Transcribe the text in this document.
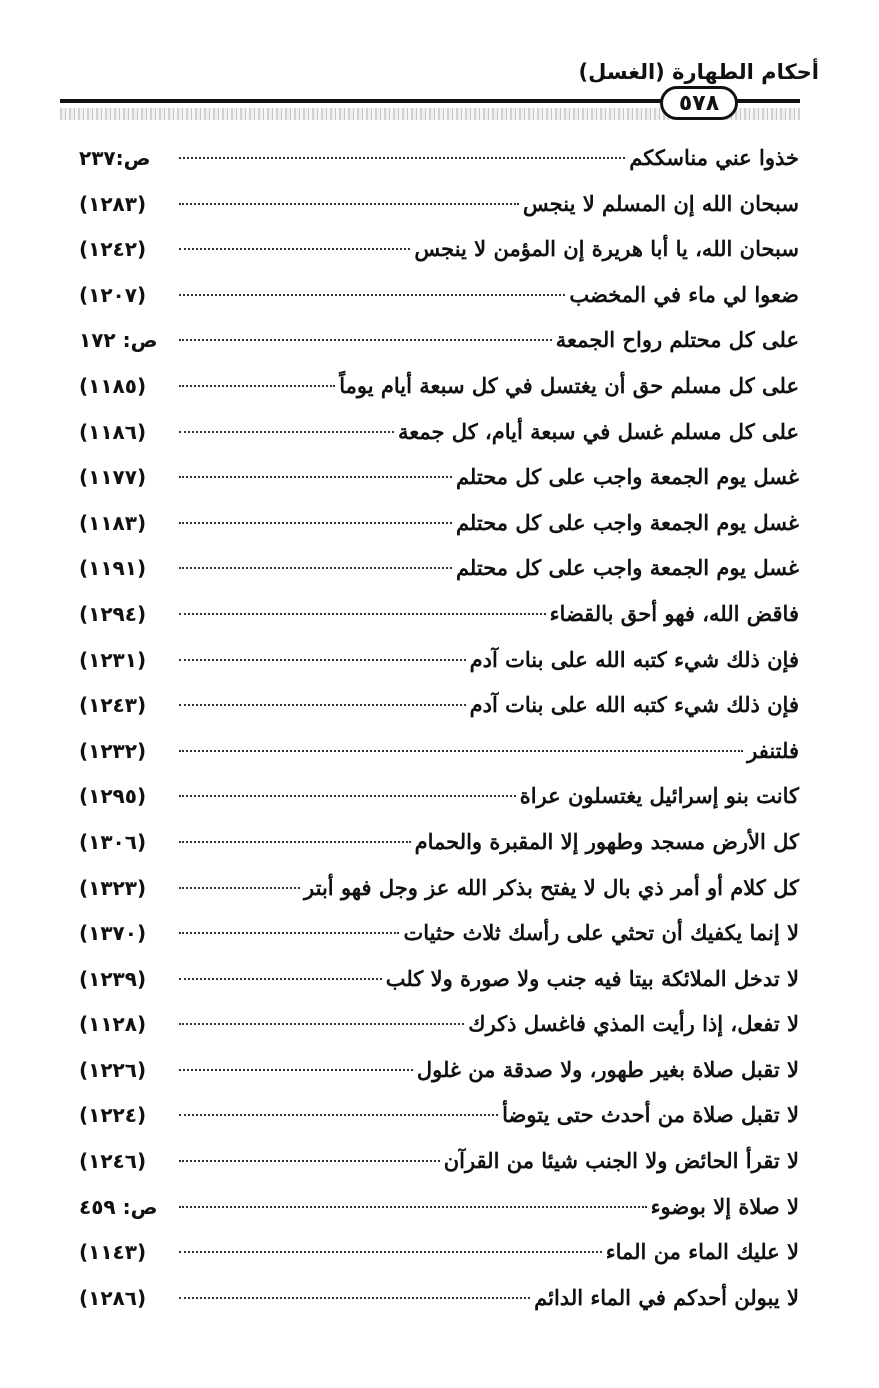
أحكام الطهارة (الغسل)
٥٧٨
خذوا عني مناسككم
ص:٢٣٧
سبحان الله إن المسلم لا ينجس
(١٢٨٣)
سبحان الله، يا أبا هريرة إن المؤمن لا ينجس
(١٢٤٢)
ضعوا لي ماء في المخضب
(١٢٠٧)
على كل محتلم رواح الجمعة
ص: ١٧٢
على كل مسلم حق أن يغتسل في كل سبعة أيام يوماً
(١١٨٥)
على كل مسلم غسل في سبعة أيام، كل جمعة
(١١٨٦)
غسل يوم الجمعة واجب على كل محتلم
(١١٧٧)
غسل يوم الجمعة واجب على كل محتلم
(١١٨٣)
غسل يوم الجمعة واجب على كل محتلم
(١١٩١)
فاقض الله، فهو أحق بالقضاء
(١٢٩٤)
فإن ذلك شيء كتبه الله على بنات آدم
(١٢٣١)
فإن ذلك شيء كتبه الله على بنات آدم
(١٢٤٣)
فلتنفر
(١٢٣٢)
كانت بنو إسرائيل يغتسلون عراة
(١٢٩٥)
كل الأرض مسجد وطهور إلا المقبرة والحمام
(١٣٠٦)
كل كلام أو أمر ذي بال لا يفتح بذكر الله عز وجل فهو أبتر
(١٣٢٣)
لا إنما يكفيك أن تحثي على رأسك ثلاث حثيات
(١٣٧٠)
لا تدخل الملائكة بيتا فيه جنب ولا صورة ولا كلب
(١٢٣٩)
لا تفعل، إذا رأيت المذي فاغسل ذكرك
(١١٢٨)
لا تقبل صلاة بغير طهور، ولا صدقة من غلول
(١٢٢٦)
لا تقبل صلاة من أحدث حتى يتوضأ
(١٢٢٤)
لا تقرأ الحائض ولا الجنب شيئا من القرآن
(١٢٤٦)
لا صلاة إلا بوضوء
ص: ٤٥٩
لا عليك الماء من الماء
(١١٤٣)
لا يبولن أحدكم في الماء الدائم
(١٢٨٦)
